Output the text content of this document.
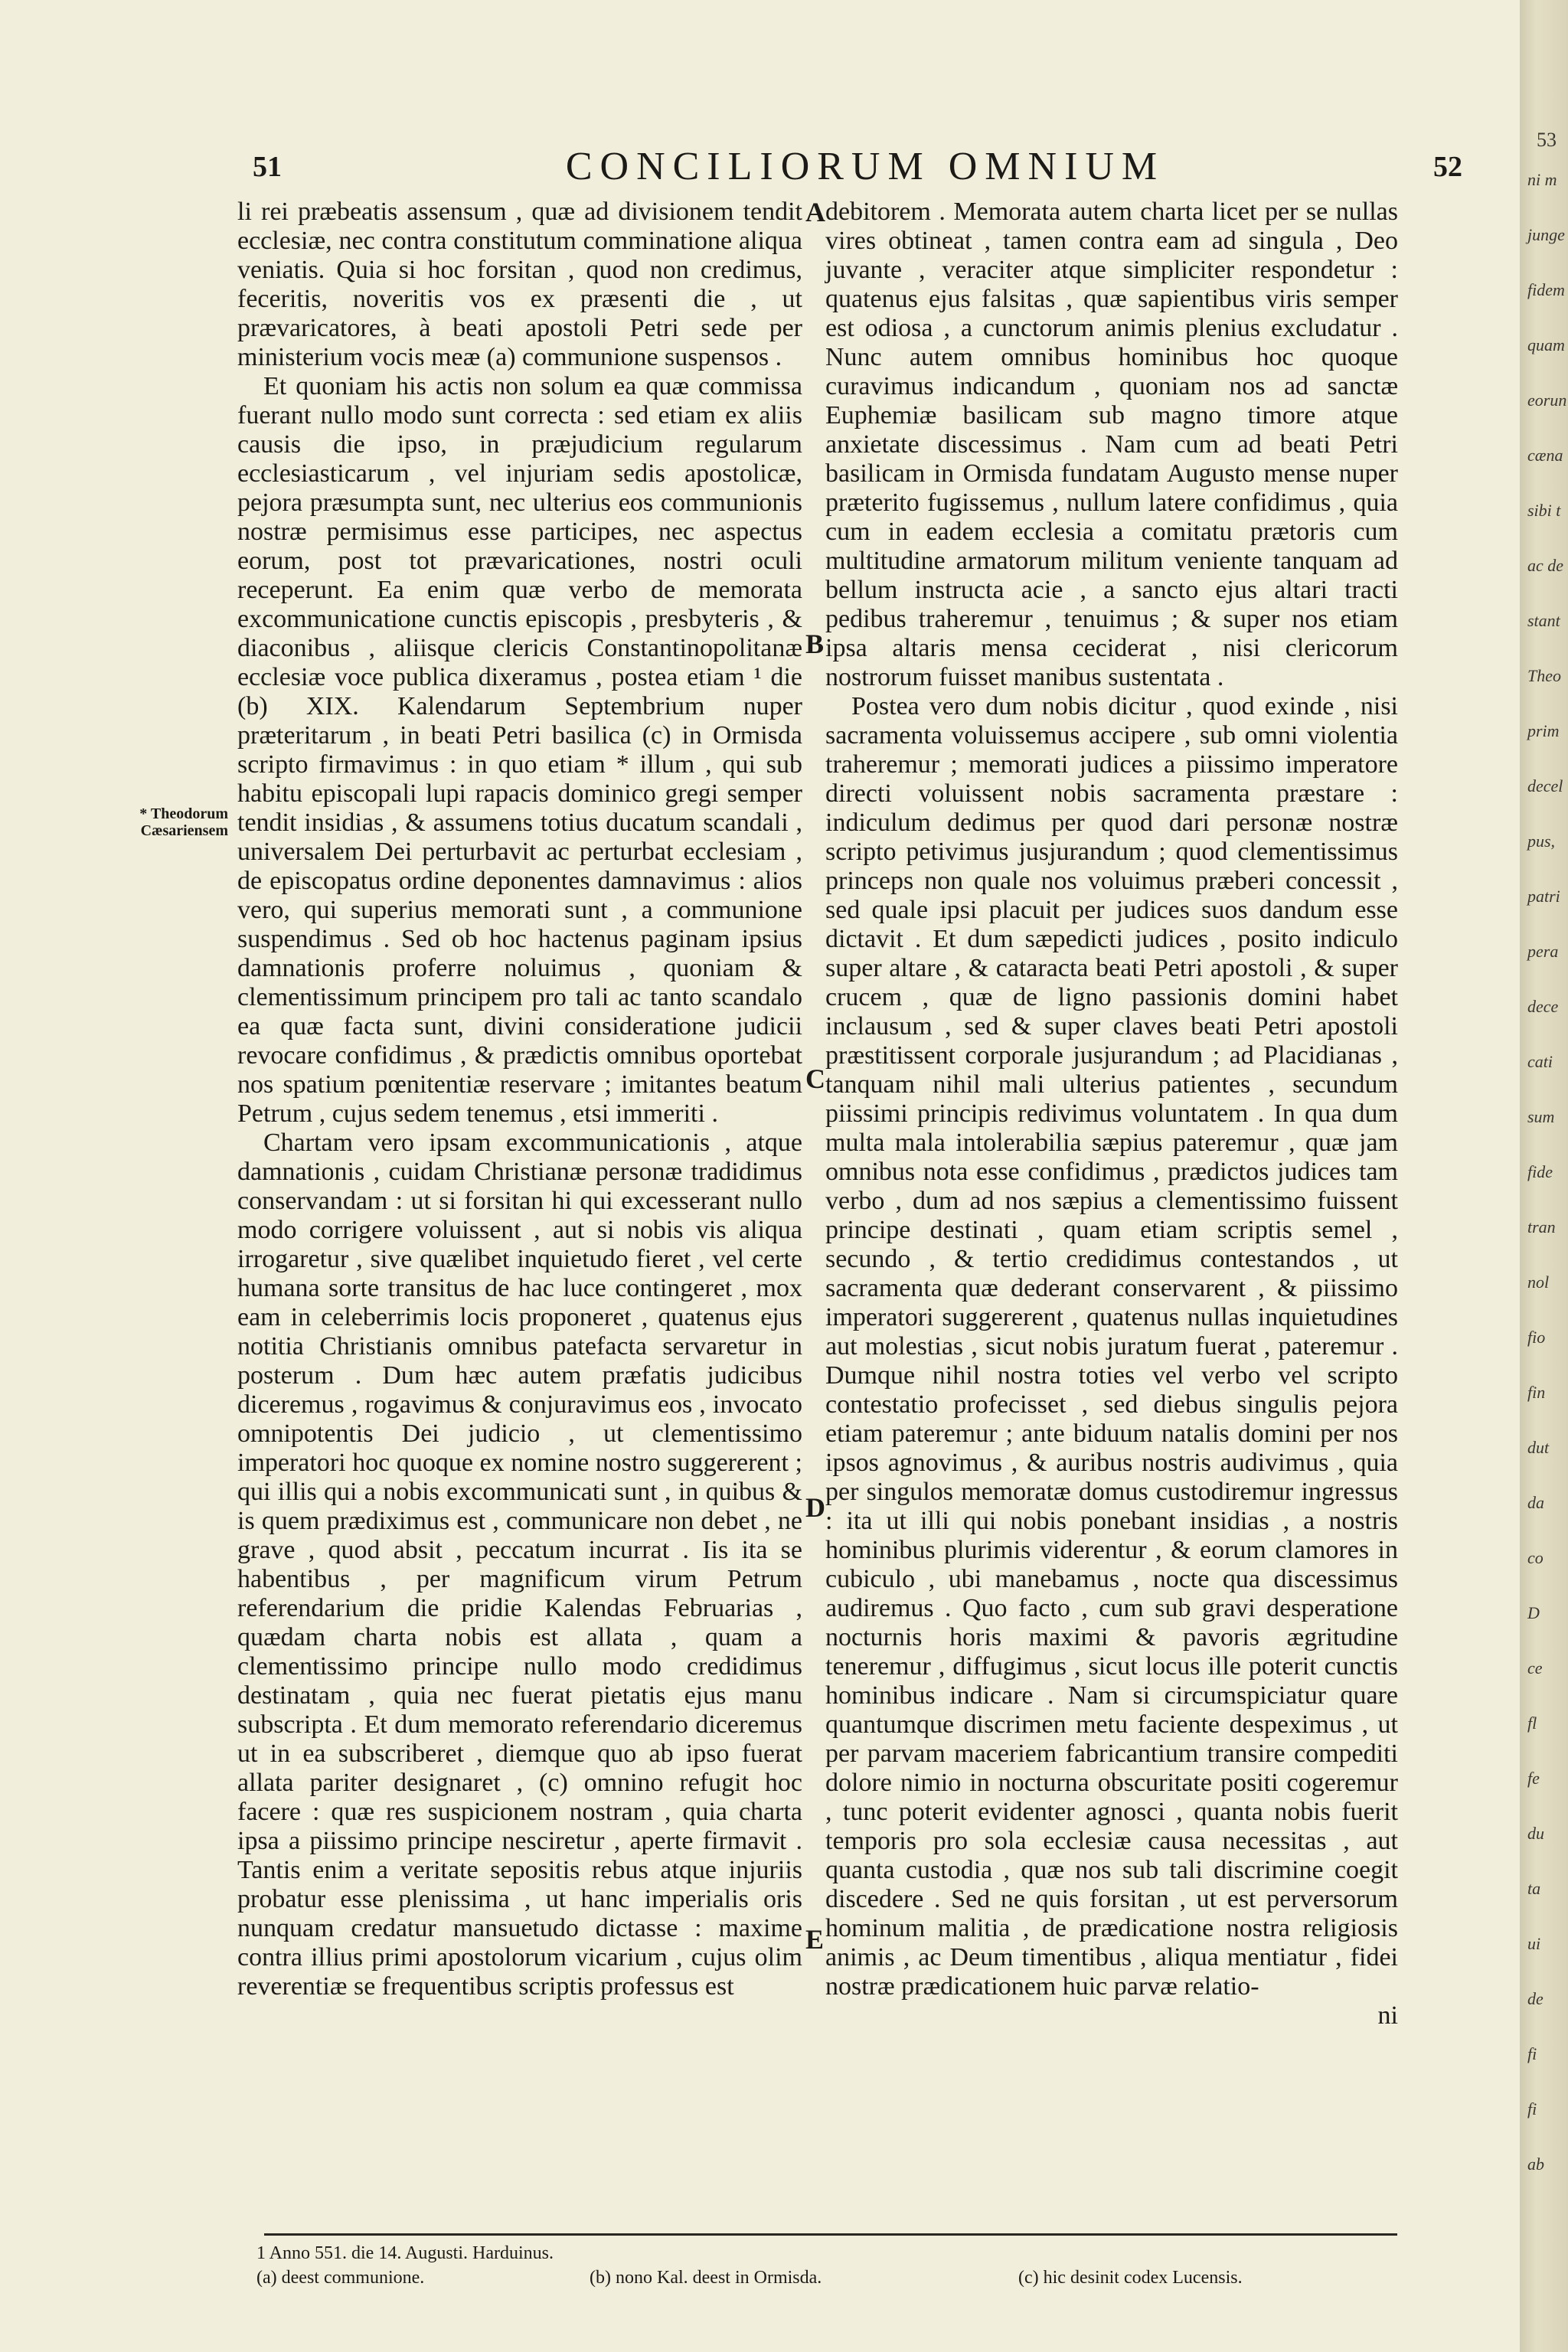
51	CONCILIORUM OMNIUM	52
* Theodorum
Cæsariensem

li rei præbeatis assensum , quæ ad divisionem tendit ecclesiæ, nec contra constitutum comminatione aliqua veniatis. Quia si hoc forsitan , quod non credimus, feceritis, noveritis vos ex præsenti die , ut prævaricatores, à beati apostoli Petri sede per ministerium vocis meæ (a) communione suspensos .

Et quoniam his actis non solum ea quæ commissa fuerant nullo modo sunt correcta : sed etiam ex aliis causis die ipso, in præjudicium regularum ecclesiasticarum , vel injuriam sedis apostolicæ, pejora præsumpta sunt, nec ulterius eos communionis nostræ permisimus esse participes, nec aspectus eorum, post tot prævaricationes, nostri oculi receperunt. Ea enim quæ verbo de memorata excommunicatione cunctis episcopis , presbyteris , & diaconibus , aliisque clericis Constantinopolitanæ ecclesiæ voce publica dixeramus , postea etiam ¹ die (b) XIX. Kalendarum Septembrium nuper præteritarum , in beati Petri basilica (c) in Ormisda scripto firmavimus : in quo etiam * illum , qui sub habitu episcopali lupi rapacis dominico gregi semper tendit insidias , & assumens totius ducatum scandali , universalem Dei perturbavit ac perturbat ecclesiam , de episcopatus ordine deponentes damnavimus : alios vero, qui superius memorati sunt , a communione suspendimus . Sed ob hoc hactenus paginam ipsius damnationis proferre noluimus , quoniam & clementissimum principem pro tali ac tanto scandalo ea quæ facta sunt, divini consideratione judicii revocare confidimus , & prædictis omnibus oportebat nos spatium pœnitentiæ reservare ; imitantes beatum Petrum , cujus sedem tenemus , etsi immeriti .

Chartam vero ipsam excommunicationis , atque damnationis , cuidam Christianæ personæ tradidimus conservandam : ut si forsitan hi qui excesserant nullo modo corrigere voluissent , aut si nobis vis aliqua irrogaretur , sive quælibet inquietudo fieret , vel certe humana sorte transitus de hac luce contingeret , mox eam in celeberrimis locis proponeret , quatenus ejus notitia Christianis omnibus patefacta servaretur in posterum . Dum hæc autem præfatis judicibus diceremus , rogavimus & conjuravimus eos , invocato omnipotentis Dei judicio , ut clementissimo imperatori hoc quoque ex nomine nostro suggererent ; qui illis qui a nobis excommunicati sunt , in quibus & is quem prædiximus est , communicare non debet , ne grave , quod absit , peccatum incurrat . Iis ita se habentibus , per magnificum virum Petrum referendarium die pridie Kalendas Februarias , quædam charta nobis est allata , quam a clementissimo principe nullo modo credidimus destinatam , quia nec fuerat pietatis ejus manu subscripta . Et dum memorato referendario diceremus ut in ea subscriberet , diemque quo ab ipso fuerat allata pariter designaret , (c) omnino refugit hoc facere : quæ res suspicionem nostram , quia charta ipsa a piissimo principe nesciretur , aperte firmavit . Tantis enim a veritate sepositis rebus atque injuriis probatur esse plenissima , ut hanc imperialis oris nunquam credatur mansuetudo dictasse : maxime contra illius primi apostolorum vicarium , cujus olim reverentiæ se frequentibus scriptis professus est

A
B
C
D
E

debitorem . Memorata autem charta licet per se nullas vires obtineat , tamen contra eam ad singula , Deo juvante , veraciter atque simpliciter respondetur : quatenus ejus falsitas , quæ sapientibus viris semper est odiosa , a cunctorum animis plenius excludatur . Nunc autem omnibus hominibus hoc quoque curavimus indicandum , quoniam nos ad sanctæ Euphemiæ basilicam sub magno timore atque anxietate discessimus . Nam cum ad beati Petri basilicam in Ormisda fundatam Augusto mense nuper præterito fugissemus , nullum latere confidimus , quia cum in eadem ecclesia a comitatu prætoris cum multitudine armatorum militum veniente tanquam ad bellum instructa acie , a sancto ejus altari tracti pedibus traheremur , tenuimus ; & super nos etiam ipsa altaris mensa ceciderat , nisi clericorum nostrorum fuisset manibus sustentata .

Postea vero dum nobis dicitur , quod exinde , nisi sacramenta voluissemus accipere , sub omni violentia traheremur ; memorati judices a piissimo imperatore directi voluissent nobis sacramenta præstare : indiculum dedimus per quod dari personæ nostræ scripto petivimus jusjurandum ; quod clementissimus princeps non quale nos voluimus præberi concessit , sed quale ipsi placuit per judices suos dandum esse dictavit . Et dum sæpedicti judices , posito indiculo super altare , & cataracta beati Petri apostoli , & super crucem , quæ de ligno passionis domini habet inclausum , sed & super claves beati Petri apostoli præstitissent corporale jusjurandum ; ad Placidianas , tanquam nihil mali ulterius patientes , secundum piissimi principis redivimus voluntatem . In qua dum multa mala intolerabilia sæpius pateremur , quæ jam omnibus nota esse confidimus , prædictos judices tam verbo , dum ad nos sæpius a clementissimo fuissent principe destinati , quam etiam scriptis semel , secundo , & tertio credidimus contestandos , ut sacramenta quæ dederant conservarent , & piissimo imperatori suggererent , quatenus nullas inquietudines aut molestias , sicut nobis juratum fuerat , pateremur . Dumque nihil nostra toties vel verbo vel scripto contestatio profecisset , sed diebus singulis pejora etiam pateremur ; ante biduum natalis domini per nos ipsos agnovimus , & auribus nostris audivimus , quia per singulos memoratæ domus custodiremur ingressus : ita ut illi qui nobis ponebant insidias , a nostris hominibus plurimis viderentur , & eorum clamores in cubiculo , ubi manebamus , nocte qua discessimus audiremus . Quo facto , cum sub gravi desperatione nocturnis horis maximi & pavoris ægritudine teneremur , diffugimus , sicut locus ille poterit cunctis hominibus indicare . Nam si circumspiciatur quare quantumque discrimen metu faciente despeximus , ut per parvam maceriem fabricantium transire compediti dolore nimio in nocturna obscuritate positi cogeremur , tunc poterit evidenter agnosci , quanta nobis fuerit temporis pro sola ecclesiæ causa necessitas , aut quanta custodia , quæ nos sub tali discrimine coegit discedere . Sed ne quis forsitan , ut est perversorum hominum malitia , de prædicatione nostra religiosis animis , ac Deum timentibus , aliqua mentiatur , fidei nostræ prædicationem huic parvæ relatio-

ni

1 Anno 551. die 14. Augusti. Harduinus.
(a) deest communione.	(b) nono Kal. deest in Ormisda.	(c) hic desinit codex Lucensis.
53
ni m
junge
fidem
quam
eorun
cæna
sibi t
ac de
stant
Theo
prim
decel
pus,
patri
pera
dece
cati
sum
fide
tran
nol
fio
fin
dut
da
co
D
ce
fl
fe
du
ta
ui
de
fi
fi
ab
